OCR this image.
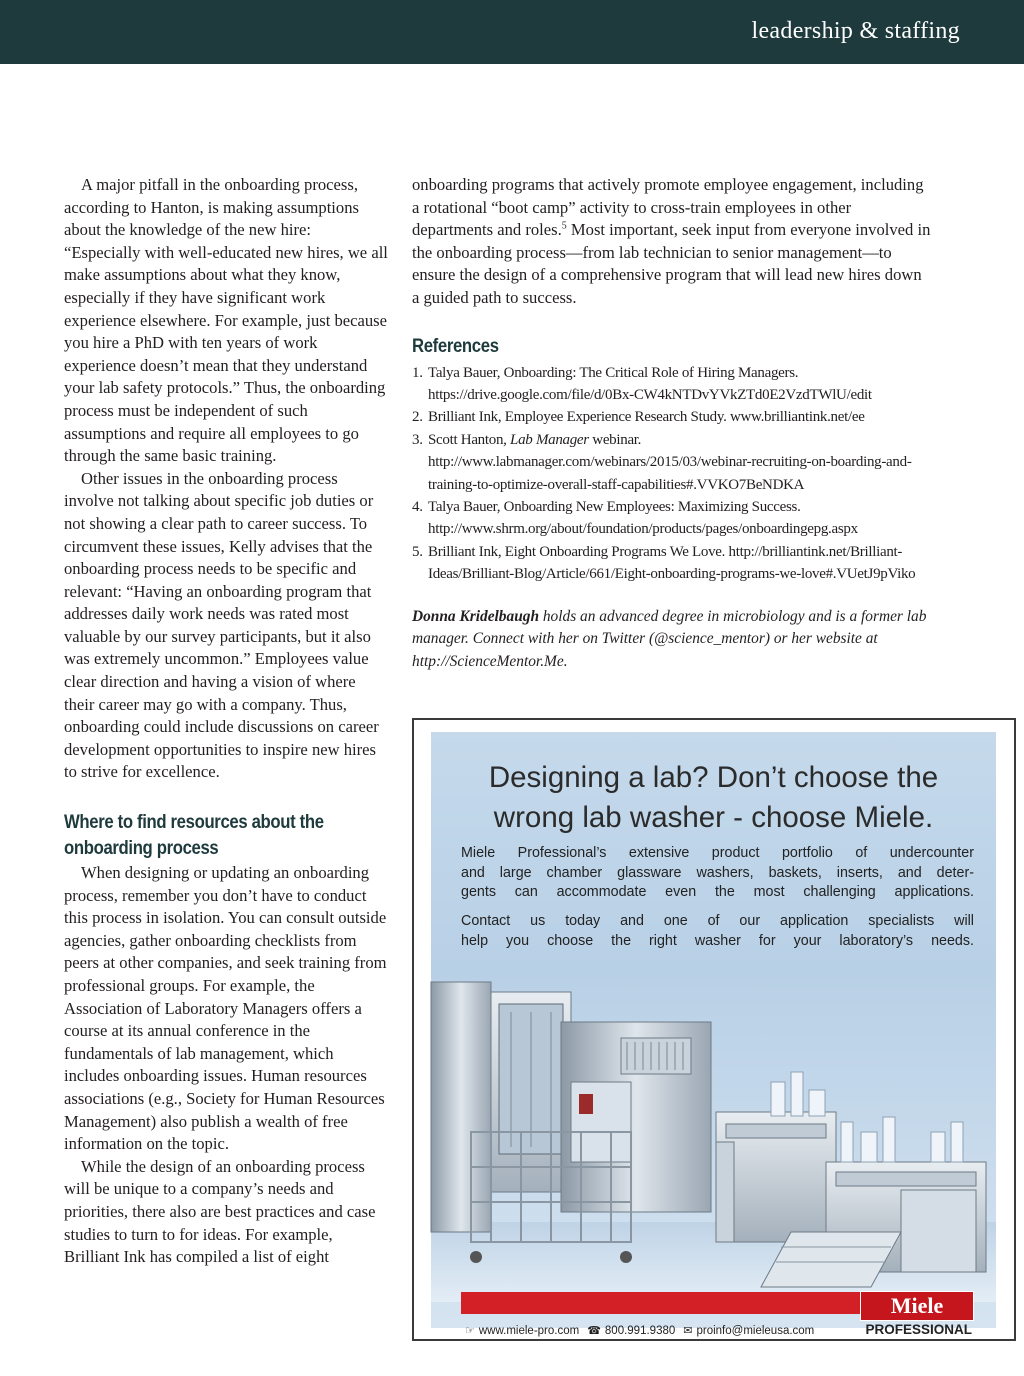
leadership & staffing

A major pitfall in the onboarding process, according to Hanton, is making assumptions about the knowledge of the new hire: “Especially with well-educated new hires, we all make assumptions about what they know, especially if they have significant work experience elsewhere. For example, just because you hire a PhD with ten years of work experience doesn’t mean that they understand your lab safety protocols.” Thus, the onboarding process must be independent of such assumptions and require all employees to go through the same basic training.

Other issues in the onboarding process involve not talking about specific job duties or not showing a clear path to career success. To circumvent these issues, Kelly advises that the onboarding process needs to be specific and relevant: “Having an onboarding program that addresses daily work needs was rated most valuable by our survey participants, but it also was extremely uncommon.” Employees value clear direction and having a vision of where their career may go with a company. Thus, onboarding could include discussions on career development opportunities to inspire new hires to strive for excellence.

Where to find resources about the onboarding process

When designing or updating an onboarding process, remember you don’t have to conduct this process in isolation. You can consult outside agencies, gather onboarding checklists from peers at other companies, and seek training from professional groups. For example, the Association of Laboratory Managers offers a course at its annual conference in the fundamentals of lab management, which includes onboarding issues. Human resources associations (e.g., Society for Human Resources Management) also publish a wealth of free information on the topic.

While the design of an onboarding process will be unique to a company’s needs and priorities, there also are best practices and case studies to turn to for ideas. For example, Brilliant Ink has compiled a list of eight

onboarding programs that actively promote employee engagement, including a rotational “boot camp” activity to cross-train employees in other departments and roles.$^5$ Most important, seek input from everyone involved in the onboarding process—from lab technician to senior management—to ensure the design of a comprehensive program that will lead new hires down a guided path to success.

References
1. Talya Bauer, Onboarding: The Critical Role of Hiring Managers. https://drive.google.com/file/d/0Bx-CW4kNTDvYVkZTd0E2VzdTWlU/edit
2. Brilliant Ink, Employee Experience Research Study. www.brilliantink.net/ee
3. Scott Hanton, Lab Manager webinar. http://www.labmanager.com/webinars/2015/03/webinar-recruiting-on-boarding-and-training-to-optimize-overall-staff-capabilities#.VVKO7BeNDKA
4. Talya Bauer, Onboarding New Employees: Maximizing Success. http://www.shrm.org/about/foundation/products/pages/onboardingepg.aspx
5. Brilliant Ink, Eight Onboarding Programs We Love. http://brilliantink.net/Brilliant-Ideas/Brilliant-Blog/Article/661/Eight-onboarding-programs-we-love#.VUetJ9pViko
Donna Kridelbaugh holds an advanced degree in microbiology and is a former lab manager. Connect with her on Twitter (@science_mentor) or her website at http://ScienceMentor.Me.
Designing a lab? Don’t choose the
wrong lab washer - choose Miele.
Miele Professional’s extensive product portfolio of undercounter
and large chamber glassware washers, baskets, inserts, and deter-
gents can accommodate even the most challenging applications.
Contact us today and one of our application specialists will
help you choose the right washer for your laboratory’s needs.
Miele
PROFESSIONAL
☞ www.miele-pro.com ☎ 800.991.9380 ✉ proinfo@mieleusa.com
